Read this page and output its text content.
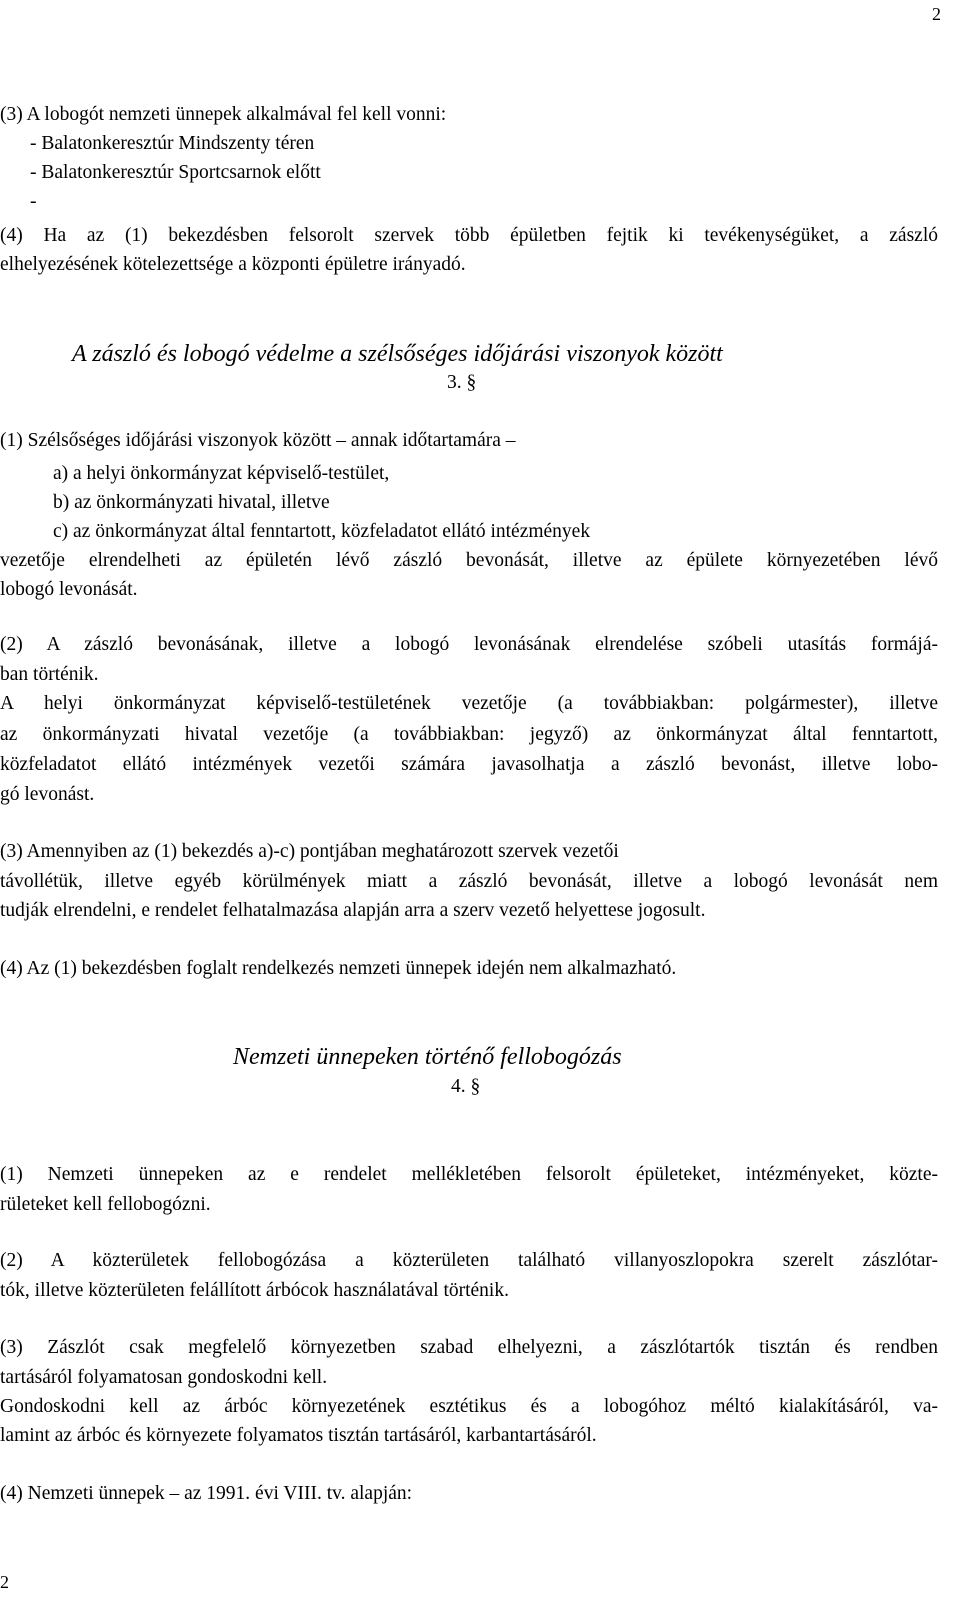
2
(3) A lobogót nemzeti ünnepek alkalmával fel kell vonni:
- Balatonkeresztúr Mindszenty téren
- Balatonkeresztúr Sportcsarnok előtt
-
(4) Ha az (1) bekezdésben felsorolt szervek több épületben fejtik ki tevékenységüket, a zászló
elhelyezésének kötelezettsége a központi épületre irányadó.
A zászló és lobogó védelme a szélsőséges időjárási viszonyok között
3. §
(1) Szélsőséges időjárási viszonyok között – annak időtartamára –
a) a helyi önkormányzat képviselő-testület,
b) az önkormányzati hivatal, illetve
c) az önkormányzat által fenntartott, közfeladatot ellátó intézmények
vezetője elrendelheti az épületén lévő zászló bevonását, illetve az épülete környezetében lévő
lobogó levonását.
(2) A zászló bevonásának, illetve a lobogó levonásának elrendelése szóbeli utasítás formájá-
ban történik.
A helyi önkormányzat képviselő-testületének vezetője (a továbbiakban: polgármester), illetve
az önkormányzati hivatal vezetője (a továbbiakban: jegyző) az önkormányzat által fenntartott,
közfeladatot ellátó intézmények vezetői számára javasolhatja a zászló bevonást, illetve lobo-
gó levonást.
(3) Amennyiben az (1) bekezdés a)-c) pontjában meghatározott szervek vezetői
távollétük, illetve egyéb körülmények miatt a zászló bevonását, illetve a lobogó levonását nem
tudják elrendelni, e rendelet felhatalmazása alapján arra a szerv vezető helyettese jogosult.
(4) Az (1) bekezdésben foglalt rendelkezés nemzeti ünnepek idején nem alkalmazható.
Nemzeti ünnepeken történő fellobogózás
4. §
(1) Nemzeti ünnepeken az e rendelet mellékletében felsorolt épületeket, intézményeket, közte-
rületeket kell fellobogózni.
(2) A közterületek fellobogózása a közterületen található villanyoszlopokra szerelt zászlótar-
tók, illetve közterületen felállított árbócok használatával történik.
(3) Zászlót csak megfelelő környezetben szabad elhelyezni, a zászlótartók tisztán és rendben
tartásáról folyamatosan gondoskodni kell.
Gondoskodni kell az árbóc környezetének esztétikus és a lobogóhoz méltó kialakításáról, va-
lamint az árbóc és környezete folyamatos tisztán tartásáról, karbantartásáról.
(4) Nemzeti ünnepek – az 1991. évi VIII. tv. alapján:
2
